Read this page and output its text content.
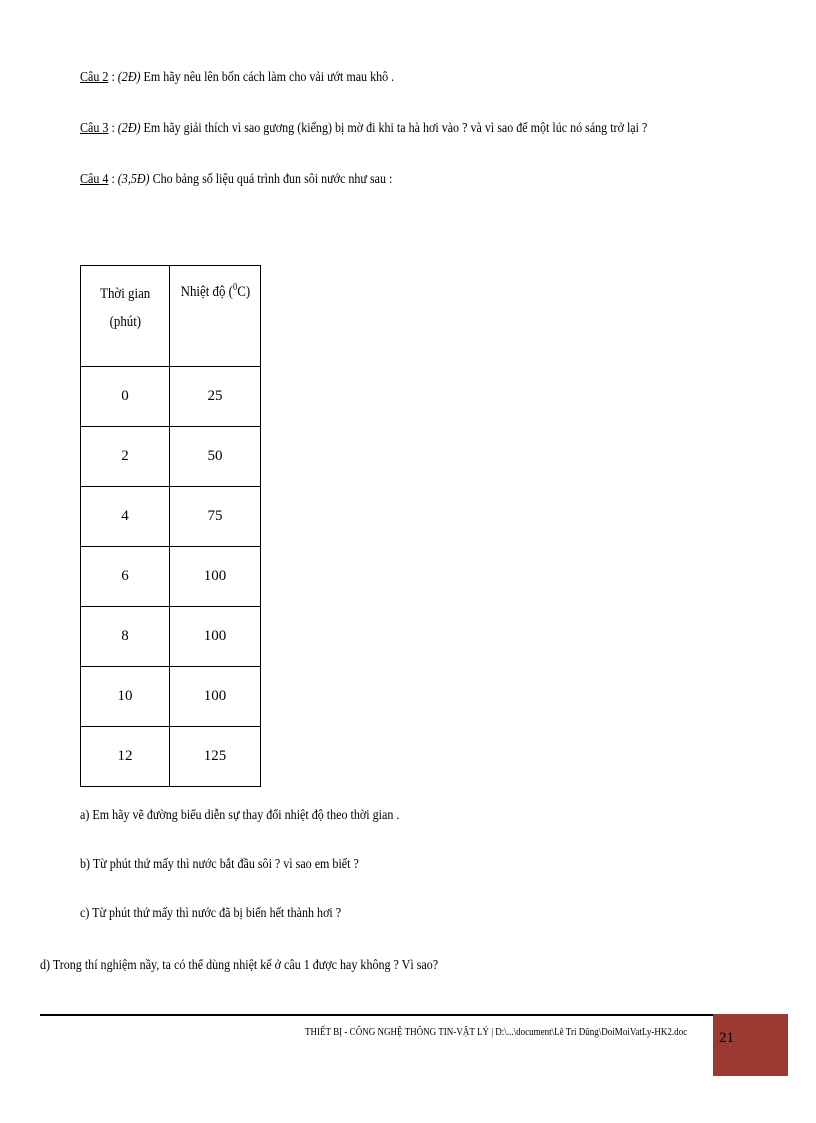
Câu 2 : (2Đ) Em hãy nêu lên bốn cách làm cho vải ướt mau khô .
Câu 3 : (2Đ) Em hãy giải thích vì sao gương (kiếng) bị mờ đi khi ta hà hơi vào ? và vì sao để một lúc nó sáng trở lại ?
Câu 4 : (3,5Đ) Cho bảng số liệu quá trình đun sôi nước như sau :
Thời gian
(phút)	Nhiệt độ ($^0$C)
0	25
2	50
4	75
6	100
8	100
10	100
12	125
a) Em hãy vẽ đường biểu diễn sự thay đổi nhiệt độ theo thời gian .
b) Từ phút thứ mấy thì nước bắt đầu sôi ? vì sao em biết ?
c) Từ phút thứ mấy thì nước đã bị biến hết thành hơi ?
d) Trong thí nghiệm nầy, ta có thể dùng nhiệt kế ở câu 1 được hay không ? Vì sao?
THIẾT BỊ - CÔNG NGHỆ THÔNG TIN-VẬT LÝ | D:\...\document\Lê Trí Dũng\DoiMoiVatLy-HK2.doc 21
